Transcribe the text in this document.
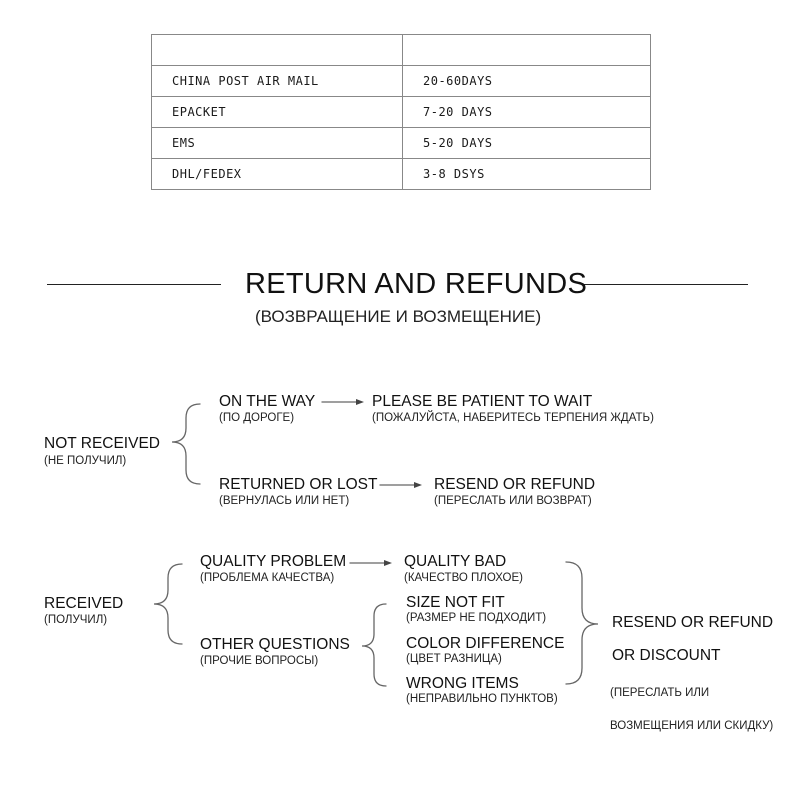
CHINA POST AIR MAIL	20-60DAYS
EPACKET	7-20 DAYS
EMS	5-20 DAYS
DHL/FEDEX	3-8 DSYS
RETURN AND REFUNDS
(ВОЗВРАЩЕНИЕ И ВОЗМЕЩЕНИЕ)
NOT RECEIVED
(НЕ ПОЛУЧИЛ)
ON THE WAY
(ПО ДОРОГЕ)
PLEASE BE PATIENT TO WAIT
(ПОЖАЛУЙСТА, НАБЕРИТЕСЬ ТЕРПЕНИЯ ЖДАТЬ)
RETURNED OR LOST
(ВЕРНУЛАСЬ ИЛИ НЕТ)
RESEND OR REFUND
(ПЕРЕСЛАТЬ ИЛИ ВОЗВРАТ)
RECEIVED
(ПОЛУЧИЛ)
QUALITY PROBLEM
(ПРОБЛЕМА КАЧЕСТВА)
QUALITY BAD
(КАЧЕСТВО ПЛОХОЕ)
OTHER QUESTIONS
(ПРОЧИЕ ВОПРОСЫ)
SIZE NOT FIT
(РАЗМЕР НЕ ПОДХОДИТ)
COLOR DIFFERENCE
(ЦВЕТ РАЗНИЦА)
WRONG ITEMS
(НЕПРАВИЛЬНО ПУНКТОВ)
RESEND OR REFUND
OR DISCOUNT
(ПЕРЕСЛАТЬ ИЛИ
ВОЗМЕЩЕНИЯ ИЛИ СКИДКУ)
